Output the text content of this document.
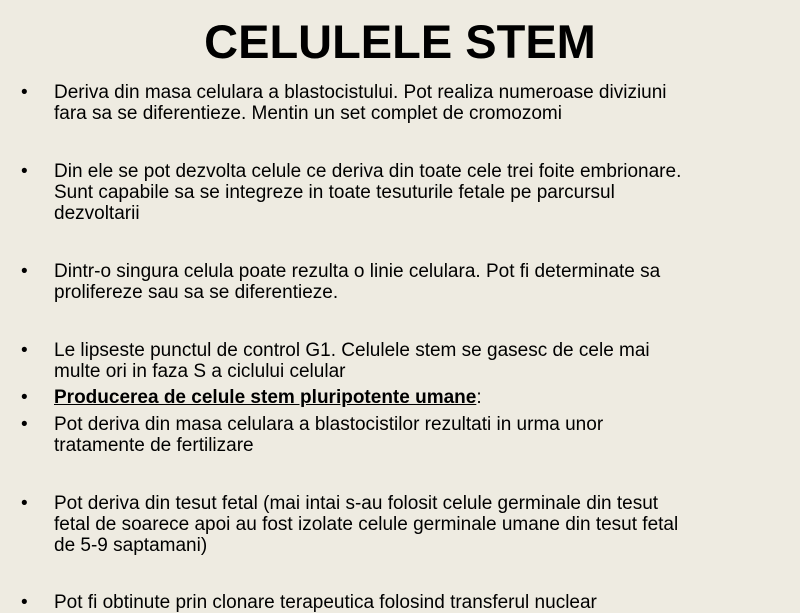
CELULELE STEM
• Deriva din masa celulara a blastocistului. Pot realiza numeroase diviziuni
fara sa se diferentieze. Mentin un set complet de cromozomi
• Din ele se pot dezvolta celule ce deriva din toate cele trei foite embrionare.
Sunt capabile sa se integreze in toate tesuturile fetale pe parcursul
dezvoltarii
• Dintr-o singura celula poate rezulta o linie celulara. Pot fi determinate sa
prolifereze sau sa se diferentieze.
• Le lipseste punctul de control G1. Celulele stem se gasesc de cele mai
multe ori in faza S a ciclului celular
• Producerea de celule stem pluripotente umane:
• Pot deriva din masa celulara a blastocistilor rezultati in urma unor
tratamente de fertilizare
• Pot deriva din tesut fetal (mai intai s-au folosit celule germinale din tesut
fetal de soarece apoi au fost izolate celule germinale umane din tesut fetal
de 5-9 saptamani)
• Pot fi obtinute prin clonare terapeutica folosind transferul nuclear
